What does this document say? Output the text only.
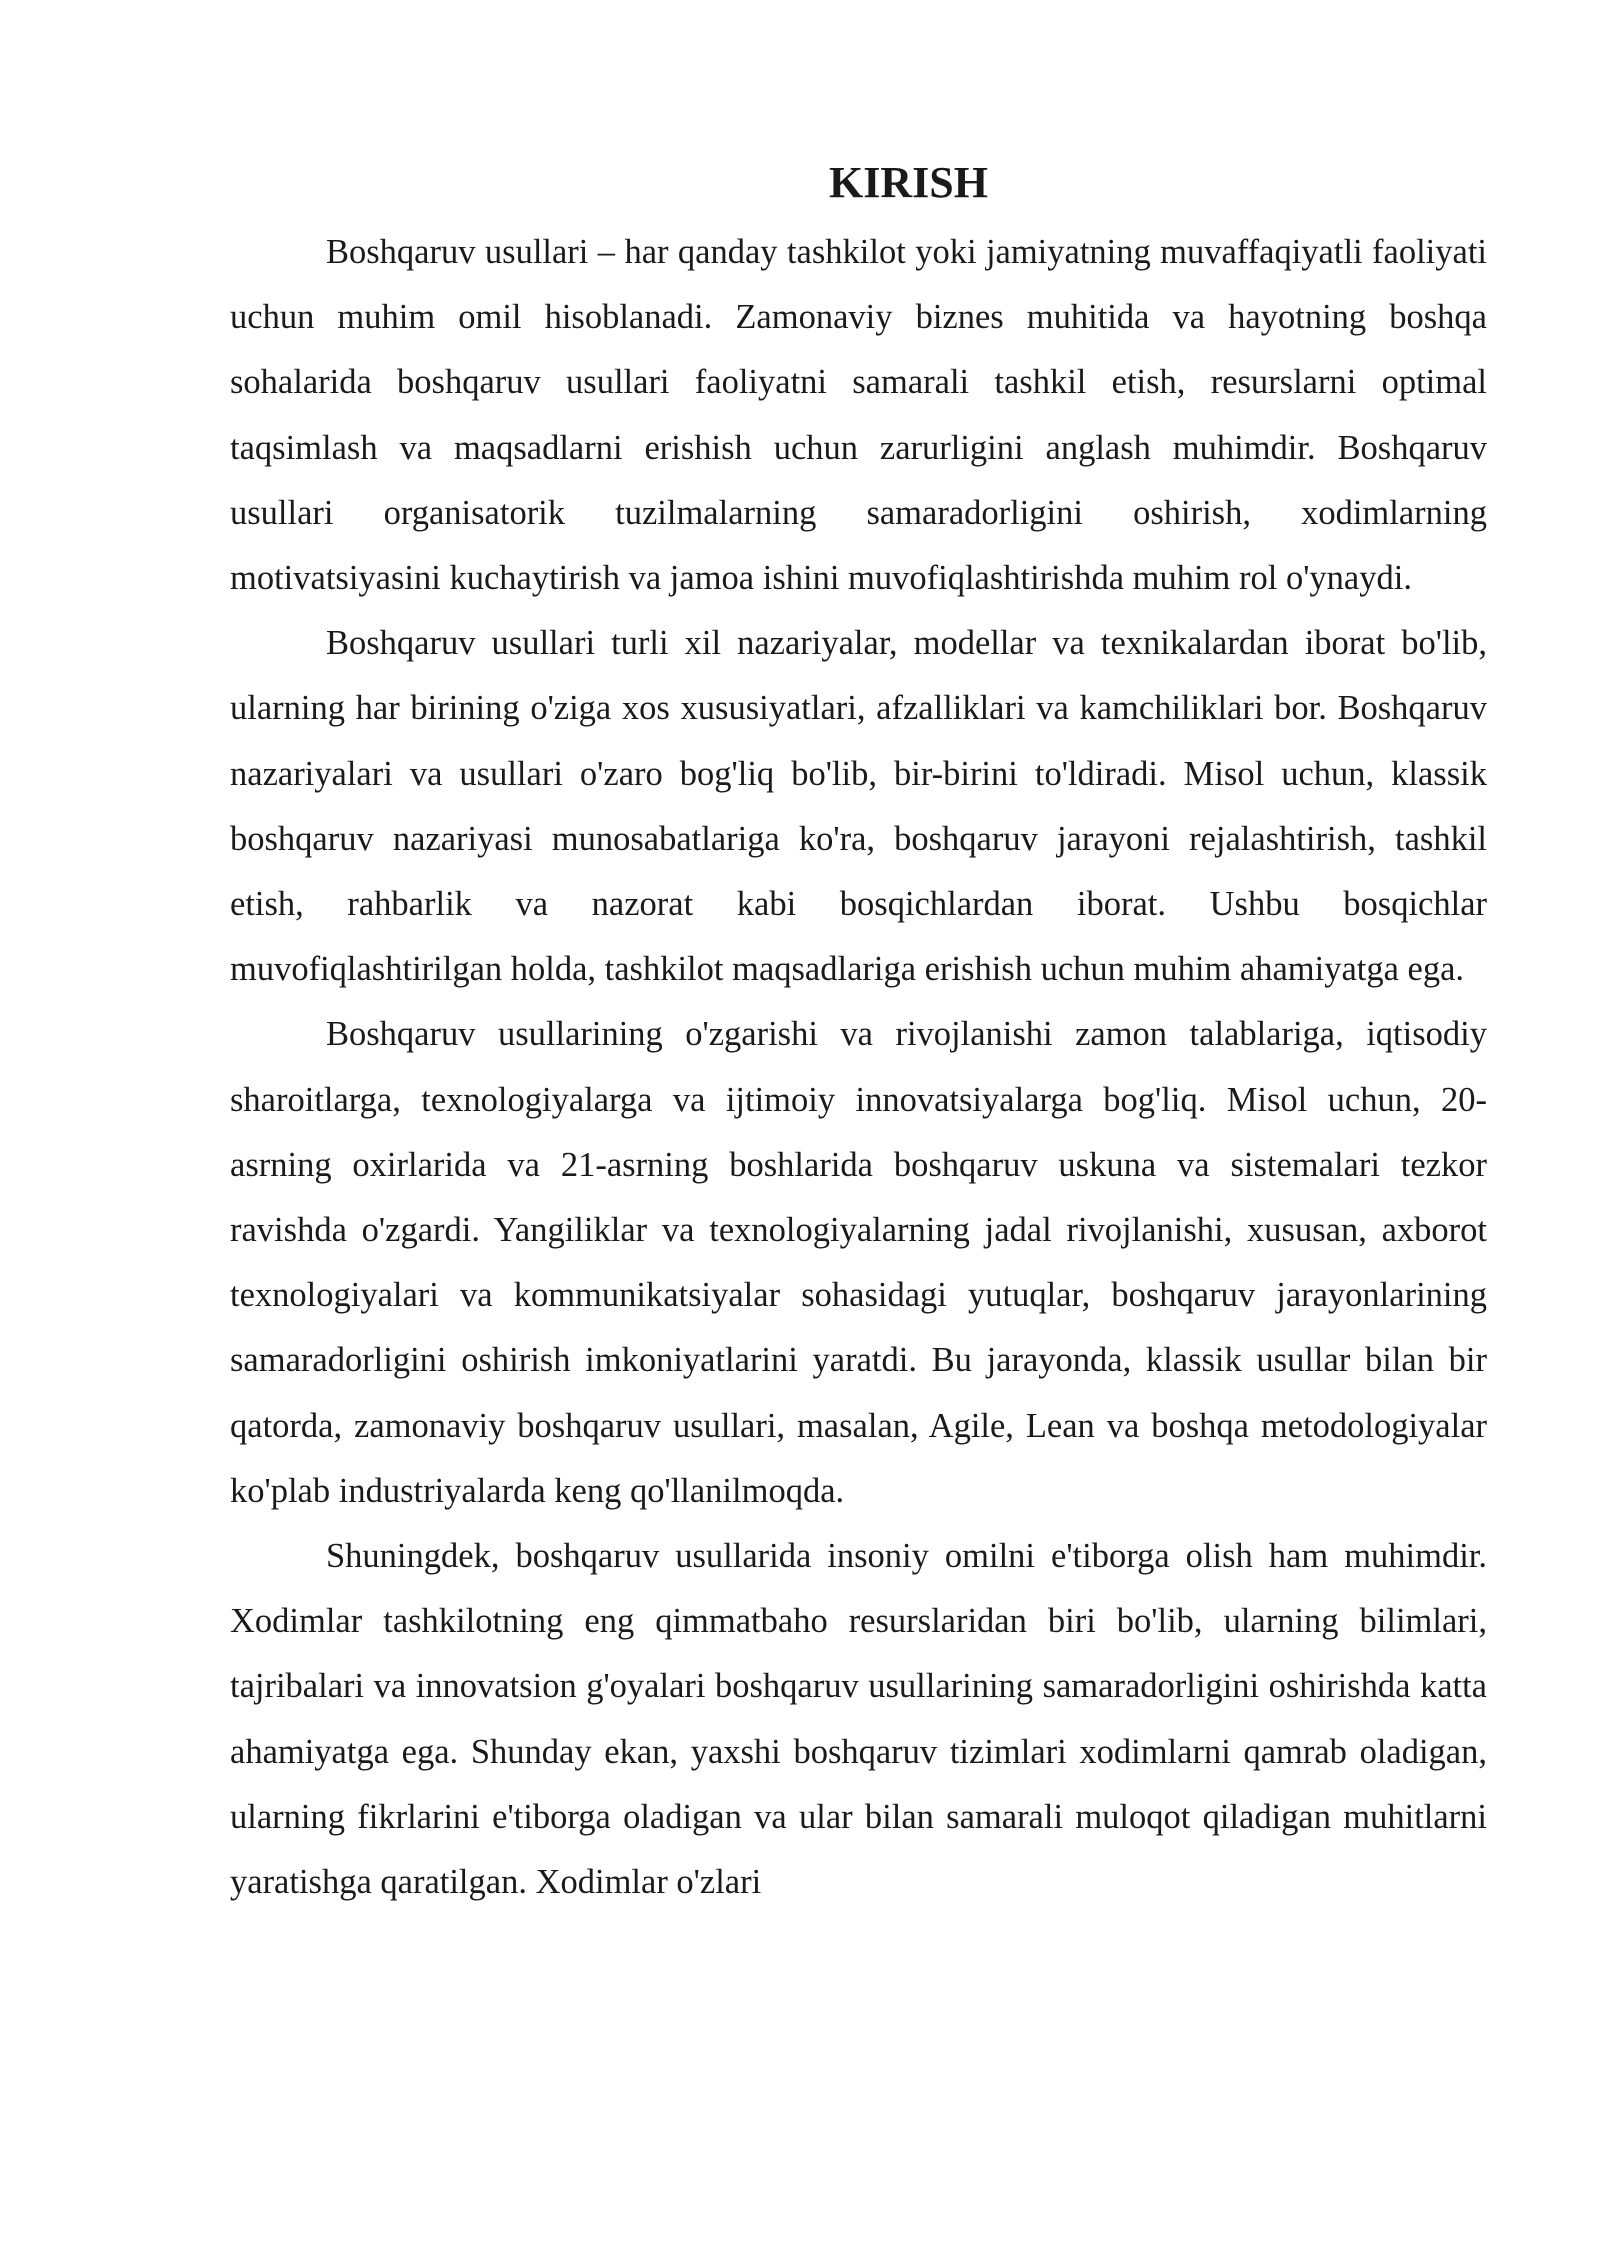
KIRISH

Boshqaruv usullari – har qanday tashkilot yoki jamiyatning muvaffaqiyatli faoliyati uchun muhim omil hisoblanadi. Zamonaviy biznes muhitida va hayotning boshqa sohalarida boshqaruv usullari faoliyatni samarali tashkil etish, resurslarni optimal taqsimlash va maqsadlarni erishish uchun zarurligini anglash muhimdir. Boshqaruv usullari organisatorik tuzilmalarning samaradorligini oshirish, xodimlarning motivatsiyasini kuchaytirish va jamoa ishini muvofiqlashtirishda muhim rol o'ynaydi.

Boshqaruv usullari turli xil nazariyalar, modellar va texnikalardan iborat bo'lib, ularning har birining o'ziga xos xususiyatlari, afzalliklari va kamchiliklari bor. Boshqaruv nazariyalari va usullari o'zaro bog'liq bo'lib, bir-birini to'ldiradi. Misol uchun, klassik boshqaruv nazariyasi munosabatlariga ko'ra, boshqaruv jarayoni rejalashtirish, tashkil etish, rahbarlik va nazorat kabi bosqichlardan iborat. Ushbu bosqichlar muvofiqlashtirilgan holda, tashkilot maqsadlariga erishish uchun muhim ahamiyatga ega.

Boshqaruv usullarining o'zgarishi va rivojlanishi zamon talablariga, iqtisodiy sharoitlarga, texnologiyalarga va ijtimoiy innovatsiyalarga bog'liq. Misol uchun, 20-asrning oxirlarida va 21-asrning boshlarida boshqaruv uskuna va sistemalari tezkor ravishda o'zgardi. Yangiliklar va texnologiyalarning jadal rivojlanishi, xususan, axborot texnologiyalari va kommunikatsiyalar sohasidagi yutuqlar, boshqaruv jarayonlarining samaradorligini oshirish imkoniyatlarini yaratdi. Bu jarayonda, klassik usullar bilan bir qatorda, zamonaviy boshqaruv usullari, masalan, Agile, Lean va boshqa metodologiyalar ko'plab industriyalarda keng qo'llanilmoqda.

Shuningdek, boshqaruv usullarida insoniy omilni e'tiborga olish ham muhimdir. Xodimlar tashkilotning eng qimmatbaho resurslaridan biri bo'lib, ularning bilimlari, tajribalari va innovatsion g'oyalari boshqaruv usullarining samaradorligini oshirishda katta ahamiyatga ega. Shunday ekan, yaxshi boshqaruv tizimlari xodimlarni qamrab oladigan, ularning fikrlarini e'tiborga oladigan va ular bilan samarali muloqot qiladigan muhitlarni yaratishga qaratilgan. Xodimlar o'zlari
